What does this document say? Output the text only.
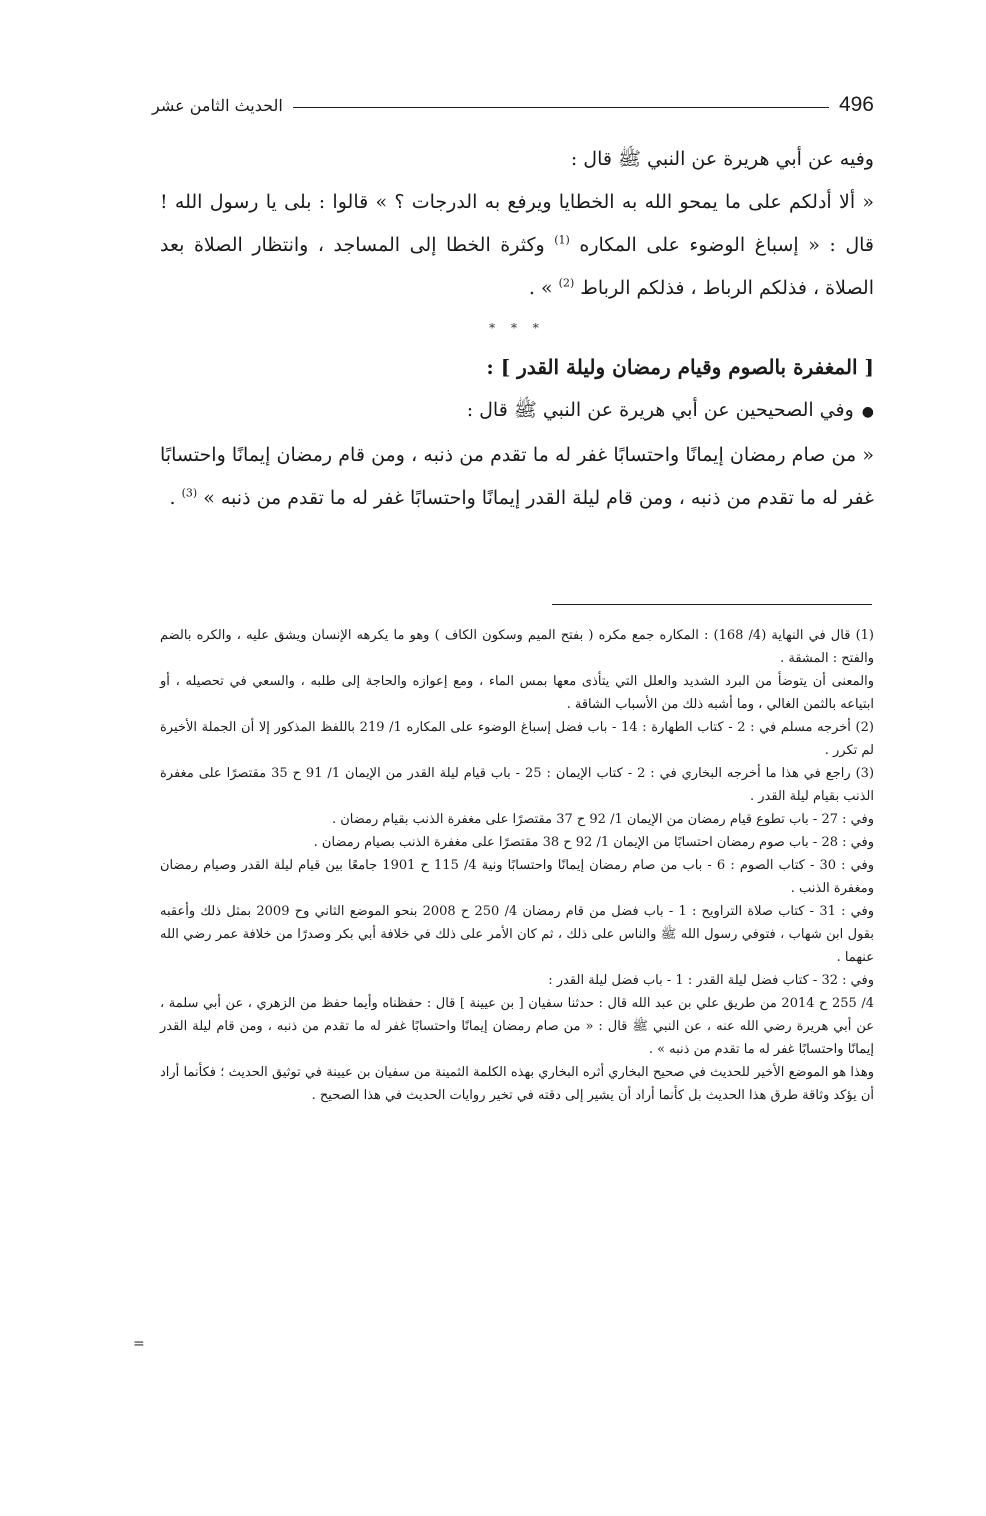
496
الحديث الثامن عشر

وفيه عن أبي هريرة عن النبي ﷺ قال :

« ألا أدلكم على ما يمحو الله به الخطايا ويرفع به الدرجات ؟ » قالوا : بلى يا رسول الله ! قال : « إسباغ الوضوء على المكاره $^{(1)}$ وكثرة الخطا إلى المساجد ، وانتظار الصلاة بعد الصلاة ، فذلكم الرباط ، فذلكم الرباط $^{(2)}$ » .

* * *

[ المغفرة بالصوم وقيام رمضان وليلة القدر ] :

●وفي الصحيحين عن أبي هريرة عن النبي ﷺ قال :

« من صام رمضان إيمانًا واحتسابًا غفر له ما تقدم من ذنبه ، ومن قام رمضان إيمانًا واحتسابًا غفر له ما تقدم من ذنبه ، ومن قام ليلة القدر إيمانًا واحتسابًا غفر له ما تقدم من ذنبه » $^{(3)}$ .

(1) قال في النهاية (4/ 168) : المكاره جمع مكره ( بفتح الميم وسكون الكاف ) وهو ما يكرهه الإنسان ويشق عليه ، والكره بالضم والفتح : المشقة .

والمعنى أن يتوضأ من البرد الشديد والعلل التي يتأذى معها بمس الماء ، ومع إعوازه والحاجة إلى طلبه ، والسعي في تحصيله ، أو ابتياعه بالثمن الغالي ، وما أشبه ذلك من الأسباب الشاقة .

(2) أخرجه مسلم في : 2 - كتاب الطهارة : 14 - باب فضل إسباغ الوضوء على المكاره 1/ 219 باللفظ المذكور إلا أن الجملة الأخيرة لم تكرر .

(3) راجع في هذا ما أخرجه البخاري في : 2 - كتاب الإيمان : 25 - باب قيام ليلة القدر من الإيمان 1/ 91 ح 35 مقتصرًا على مغفرة الذنب بقيام ليلة القدر .

وفي : 27 - باب تطوع قيام رمضان من الإيمان 1/ 92 ح 37 مقتصرًا على مغفرة الذنب بقيام رمضان .

وفي : 28 - باب صوم رمضان احتسابًا من الإيمان 1/ 92 ح 38 مقتصرًا على مغفرة الذنب بصيام رمضان .

وفي : 30 - كتاب الصوم : 6 - باب من صام رمضان إيمانًا واحتسابًا ونية 4/ 115 ح 1901 جامعًا بين قيام ليلة القدر وصيام رمضان ومغفرة الذنب .

وفي : 31 - كتاب صلاة التراويح : 1 - باب فضل من قام رمضان 4/ 250 ح 2008 بنحو الموضع الثاني وح 2009 بمثل ذلك وأعقبه بقول ابن شهاب ، فتوفي رسول الله ﷺ والناس على ذلك ، ثم كان الأمر على ذلك في خلافة أبي بكر وصدرًا من خلافة عمر رضي الله عنهما .

وفي : 32 - كتاب فضل ليلة القدر : 1 - باب فضل ليلة القدر :

4/ 255 ح 2014 من طريق علي بن عبد الله قال : حدثنا سفيان [ بن عيينة ] قال : حفظناه وأيما حفظ من الزهري ، عن أبي سلمة ، عن أبي هريرة رضي الله عنه ، عن النبي ﷺ قال : « من صام رمضان إيمانًا واحتسابًا غفر له ما تقدم من ذنبه ، ومن قام ليلة القدر إيمانًا واحتسابًا غفر له ما تقدم من ذنبه » .

وهذا هو الموضع الأخير للحديث في صحيح البخاري أثره البخاري بهذه الكلمة الثمينة من سفيان بن عيينة في توثيق الحديث ؛ فكأنما أراد أن يؤكد وثاقة طرق هذا الحديث بل كأنما أراد أن يشير إلى دقته في تخير روايات الحديث في هذا الصحيح .

=
